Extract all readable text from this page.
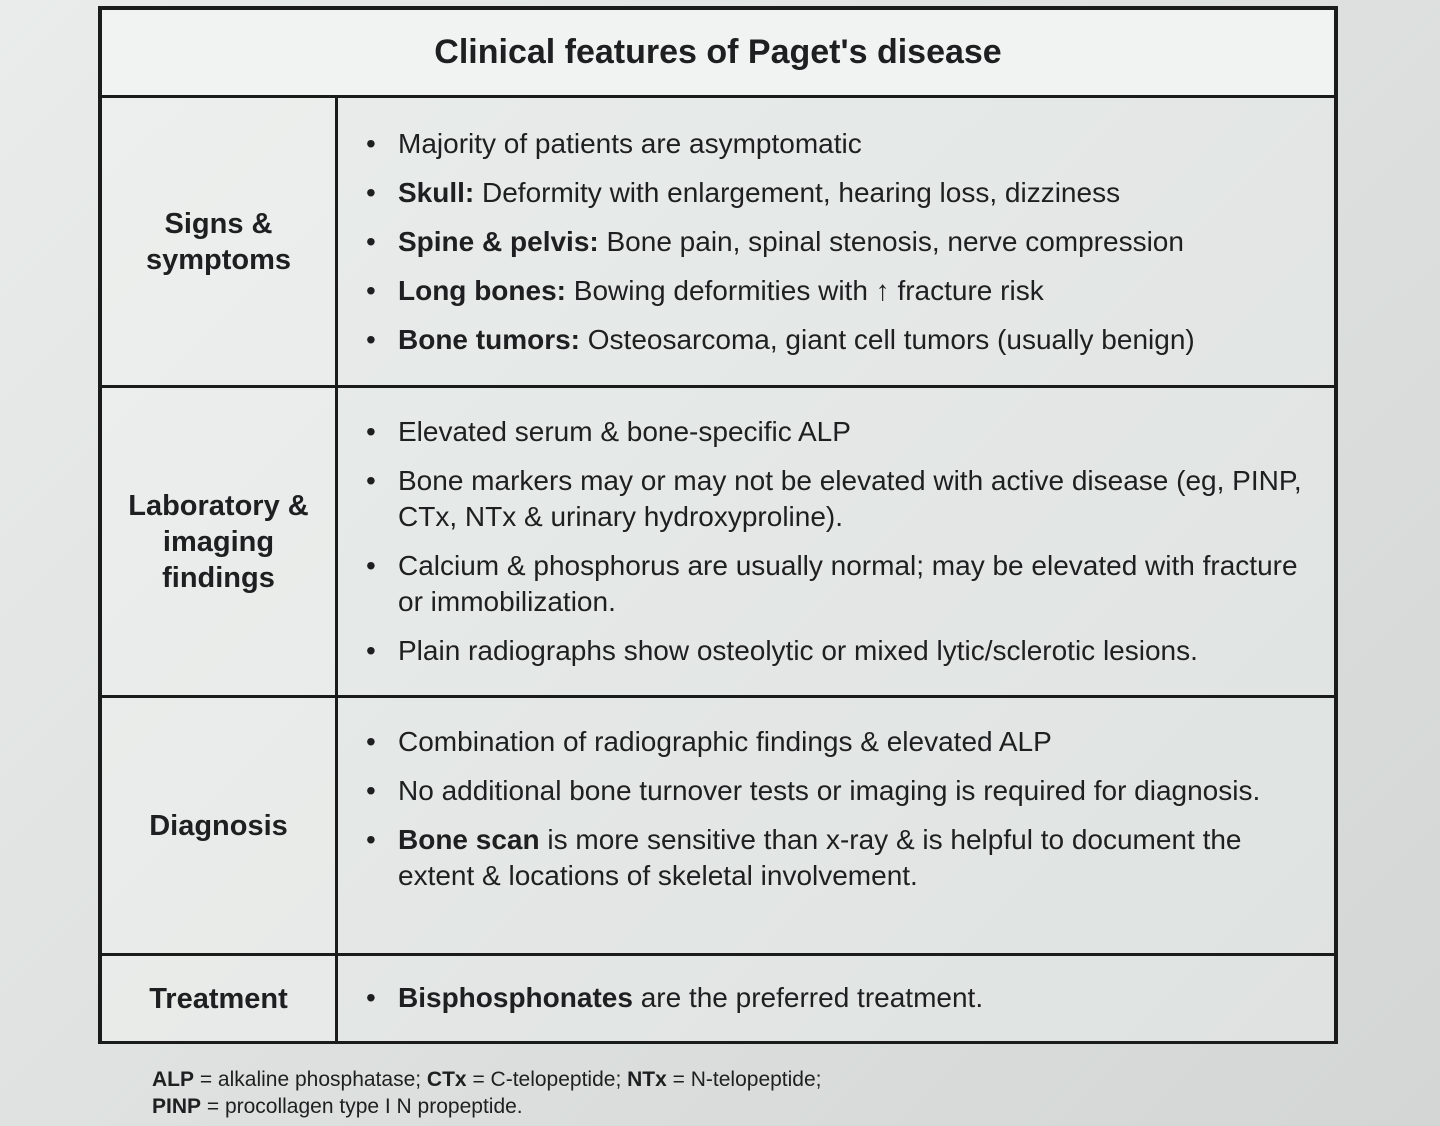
Clinical features of Paget's disease
Signs & symptoms
• Majority of patients are asymptomatic
• Skull: Deformity with enlargement, hearing loss, dizziness
• Spine & pelvis: Bone pain, spinal stenosis, nerve compression
• Long bones: Bowing deformities with ↑ fracture risk
• Bone tumors: Osteosarcoma, giant cell tumors (usually benign)
Laboratory & imaging findings
• Elevated serum & bone-specific ALP
• Bone markers may or may not be elevated with active disease (eg, PINP, CTx, NTx & urinary hydroxyproline).
• Calcium & phosphorus are usually normal; may be elevated with fracture or immobilization.
• Plain radiographs show osteolytic or mixed lytic/sclerotic lesions.
Diagnosis
• Combination of radiographic findings & elevated ALP
• No additional bone turnover tests or imaging is required for diagnosis.
• Bone scan is more sensitive than x-ray & is helpful to document the extent & locations of skeletal involvement.
Treatment
•	Bisphosphonates are the preferred treatment.
ALP = alkaline phosphatase; CTx = C-telopeptide; NTx = N-telopeptide;
PINP = procollagen type I N propeptide.
